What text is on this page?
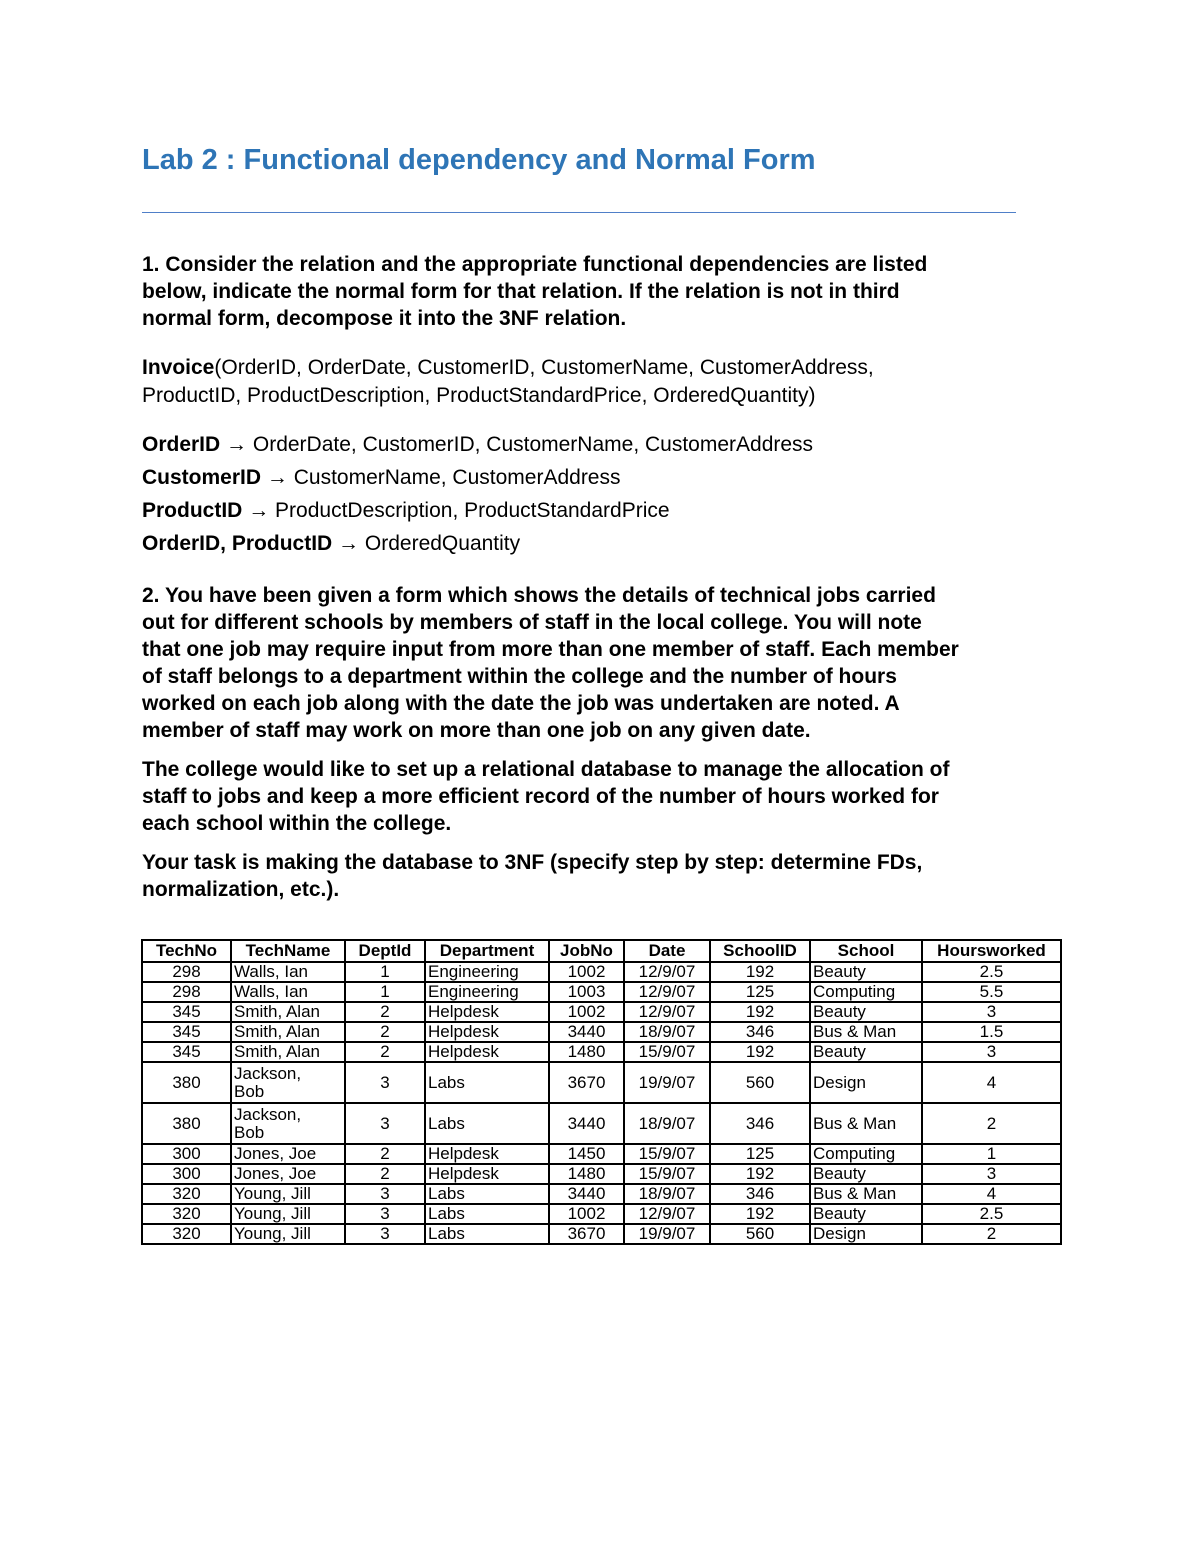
Lab 2 : Functional dependency and Normal Form
1. Consider the relation and the appropriate functional dependencies are listed
below, indicate the normal form for that relation. If the relation is not in third
normal form, decompose it into the 3NF relation.
Invoice(OrderID, OrderDate, CustomerID, CustomerName, CustomerAddress,
ProductID, ProductDescription, ProductStandardPrice, OrderedQuantity)

OrderID → OrderDate, CustomerID, CustomerName, CustomerAddress

CustomerID → CustomerName, CustomerAddress

ProductID → ProductDescription, ProductStandardPrice

OrderID, ProductID → OrderedQuantity

2. You have been given a form which shows the details of technical jobs carried
out for different schools by members of staff in the local college. You will note
that one job may require input from more than one member of staff. Each member
of staff belongs to a department within the college and the number of hours
worked on each job along with the date the job was undertaken are noted. A
member of staff may work on more than one job on any given date.
The college would like to set up a relational database to manage the allocation of
staff to jobs and keep a more efficient record of the number of hours worked for
each school within the college.
Your task is making the database to 3NF (specify step by step: determine FDs,
normalization, etc.).
TechNo	TechName	DeptId	Department	JobNo	Date	SchoolID	School	Hoursworked
298	Walls, Ian	1	Engineering	1002	12/9/07	192	Beauty	2.5
298	Walls, Ian	1	Engineering	1003	12/9/07	125	Computing	5.5
345	Smith, Alan	2	Helpdesk	1002	12/9/07	192	Beauty	3
345	Smith, Alan	2	Helpdesk	3440	18/9/07	346	Bus & Man	1.5
345	Smith, Alan	2	Helpdesk	1480	15/9/07	192	Beauty	3
380	Jackson,
Bob	3	Labs	3670	19/9/07	560	Design	4
380	Jackson,
Bob	3	Labs	3440	18/9/07	346	Bus & Man	2
300	Jones, Joe	2	Helpdesk	1450	15/9/07	125	Computing	1
300	Jones, Joe	2	Helpdesk	1480	15/9/07	192	Beauty	3
320	Young, Jill	3	Labs	3440	18/9/07	346	Bus & Man	4
320	Young, Jill	3	Labs	1002	12/9/07	192	Beauty	2.5
320	Young, Jill	3	Labs	3670	19/9/07	560	Design	2
